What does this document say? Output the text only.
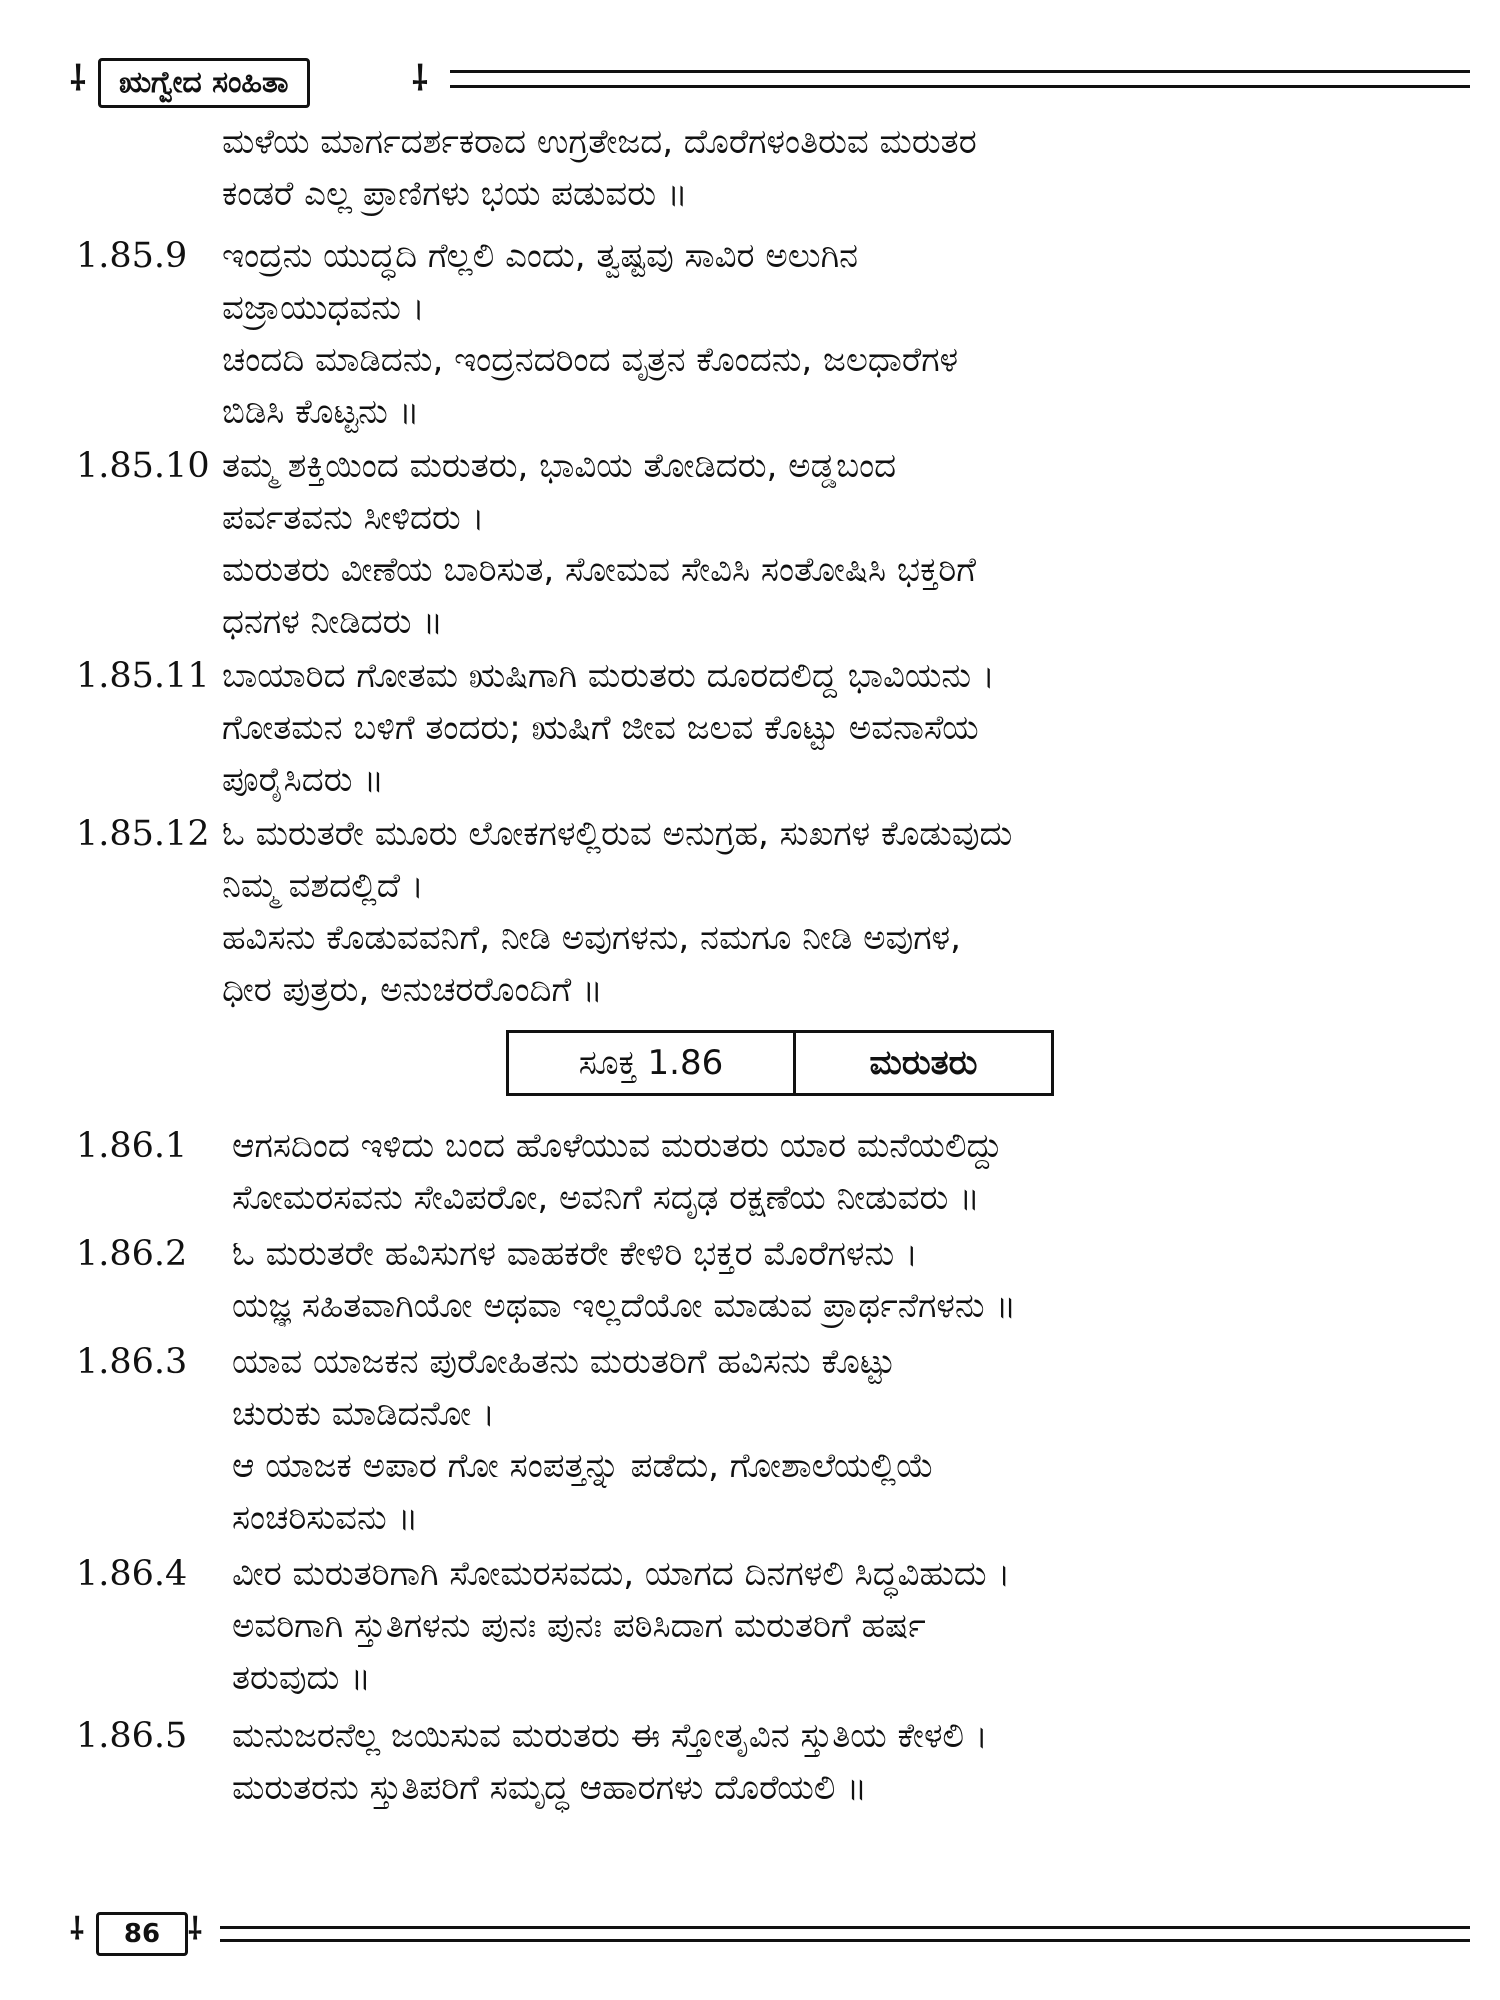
⸸	ಋಗ್ವೇದ ಸಂಹಿತಾ	⸸
ಮಳೆಯ ಮಾರ್ಗದರ್ಶಕರಾದ ಉಗ್ರತೇಜದ, ದೊರೆಗಳಂತಿರುವ ಮರುತರ
ಕಂಡರೆ ಎಲ್ಲ ಪ್ರಾಣಿಗಳು ಭಯ ಪಡುವರು ॥
1.85.9 ಇಂದ್ರನು ಯುದ್ಧದಿ ಗೆಲ್ಲಲಿ ಎಂದು, ತ್ವಷ್ಟವು ಸಾವಿರ ಅಲುಗಿನ
ವಜ್ರಾಯುಧವನು ।
ಚಂದದಿ ಮಾಡಿದನು, ಇಂದ್ರನದರಿಂದ ವೃತ್ರನ ಕೊಂದನು, ಜಲಧಾರೆಗಳ
ಬಿಡಿಸಿ ಕೊಟ್ಟನು ॥
1.85.10 ತಮ್ಮ ಶಕ್ತಿಯಿಂದ ಮರುತರು, ಭಾವಿಯ ತೋಡಿದರು, ಅಡ್ಡಬಂದ
ಪರ್ವತವನು ಸೀಳಿದರು ।
ಮರುತರು ವೀಣೆಯ ಬಾರಿಸುತ, ಸೋಮವ ಸೇವಿಸಿ ಸಂತೋಷಿಸಿ ಭಕ್ತರಿಗೆ
ಧನಗಳ ನೀಡಿದರು ॥
1.85.11 ಬಾಯಾರಿದ ಗೋತಮ ಋಷಿಗಾಗಿ ಮರುತರು ದೂರದಲಿದ್ದ ಭಾವಿಯನು ।
ಗೋತಮನ ಬಳಿಗೆ ತಂದರು; ಋಷಿಗೆ ಜೀವ ಜಲವ ಕೊಟ್ಟು ಅವನಾಸೆಯ
ಪೂರೈಸಿದರು ॥
1.85.12 ಓ ಮರುತರೇ ಮೂರು ಲೋಕಗಳಲ್ಲಿರುವ ಅನುಗ್ರಹ, ಸುಖಗಳ ಕೊಡುವುದು
ನಿಮ್ಮ ವಶದಲ್ಲಿದೆ ।
ಹವಿಸನು ಕೊಡುವವನಿಗೆ, ನೀಡಿ ಅವುಗಳನು, ನಮಗೂ ನೀಡಿ ಅವುಗಳ,
ಧೀರ ಪುತ್ರರು, ಅನುಚರರೊಂದಿಗೆ ॥
1.86.1 ಆಗಸದಿಂದ ಇಳಿದು ಬಂದ ಹೊಳೆಯುವ ಮರುತರು ಯಾರ ಮನೆಯಲಿದ್ದು
ಸೋಮರಸವನು ಸೇವಿಪರೋ, ಅವನಿಗೆ ಸದೃಢ ರಕ್ಷಣೆಯ ನೀಡುವರು ॥
1.86.2 ಓ ಮರುತರೇ ಹವಿಸುಗಳ ವಾಹಕರೇ ಕೇಳಿರಿ ಭಕ್ತರ ಮೊರೆಗಳನು ।
ಯಜ್ಞ ಸಹಿತವಾಗಿಯೋ ಅಥವಾ ಇಲ್ಲದೆಯೋ ಮಾಡುವ ಪ್ರಾರ್ಥನೆಗಳನು ॥
1.86.3 ಯಾವ ಯಾಜಕನ ಪುರೋಹಿತನು ಮರುತರಿಗೆ ಹವಿಸನು ಕೊಟ್ಟು
ಚುರುಕು ಮಾಡಿದನೋ ।
ಆ ಯಾಜಕ ಅಪಾರ ಗೋ ಸಂಪತ್ತನ್ನು ಪಡೆದು, ಗೋಶಾಲೆಯಲ್ಲಿಯೆ
ಸಂಚರಿಸುವನು ॥
1.86.4 ವೀರ ಮರುತರಿಗಾಗಿ ಸೋಮರಸವದು, ಯಾಗದ ದಿನಗಳಲಿ ಸಿದ್ಧವಿಹುದು ।
ಅವರಿಗಾಗಿ ಸ್ತುತಿಗಳನು ಪುನಃ ಪುನಃ ಪಠಿಸಿದಾಗ ಮರುತರಿಗೆ ಹರ್ಷ
ತರುವುದು ॥
1.86.5 ಮನುಜರನೆಲ್ಲ ಜಯಿಸುವ ಮರುತರು ಈ ಸ್ತೋತೃವಿನ ಸ್ತುತಿಯ ಕೇಳಲಿ ।
ಮರುತರನು ಸ್ತುತಿಪರಿಗೆ ಸಮೃದ್ಧ ಆಹಾರಗಳು ದೊರೆಯಲಿ ॥
ಸೂಕ್ತ 1.86	ಮರುತರು
⸸	86 ⸸
